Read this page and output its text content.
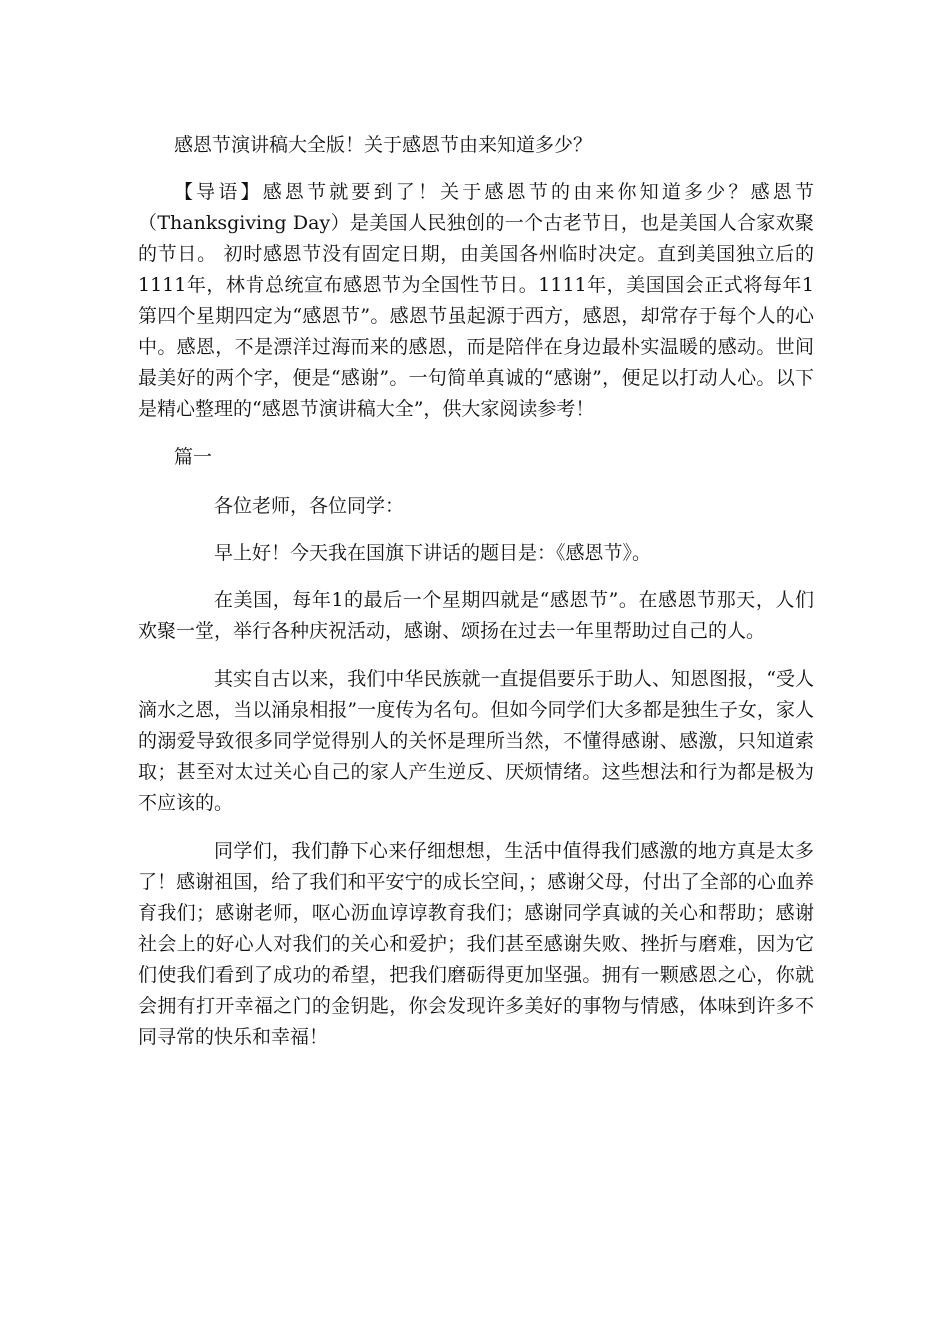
感恩节演讲稿大全版！关于感恩节由来知道多少？

【导语】感恩节就要到了！关于感恩节的由来你知道多少？感恩节（Thanksgiving Day）是美国人民独创的一个古老节日，也是美国人合家欢聚的节日。 初时感恩节没有固定日期，由美国各州临时决定。直到美国独立后的1111年，林肯总统宣布感恩节为全国性节日。1111年，美国国会正式将每年1第四个星期四定为“感恩节”。感恩节虽起源于西方，感恩，却常存于每个人的心中。感恩，不是漂洋过海而来的感恩，而是陪伴在身边最朴实温暖的感动。世间最美好的两个字，便是“感谢”。一句简单真诚的“感谢”，便足以打动人心。以下是精心整理的“感恩节演讲稿大全”，供大家阅读参考！

篇一

各位老师，各位同学：

早上好！今天我在国旗下讲话的题目是：《感恩节》。

在美国，每年1的最后一个星期四就是“感恩节”。在感恩节那天，人们欢聚一堂，举行各种庆祝活动，感谢、颂扬在过去一年里帮助过自己的人。

其实自古以来，我们中华民族就一直提倡要乐于助人、知恩图报，“受人滴水之恩，当以涌泉相报”一度传为名句。但如今同学们大多都是独生子女，家人的溺爱导致很多同学觉得别人的关怀是理所当然，不懂得感谢、感激，只知道索取；甚至对太过关心自己的家人产生逆反、厌烦情绪。这些想法和行为都是极为不应该的。

同学们，我们静下心来仔细想想，生活中值得我们感激的地方真是太多了！感谢祖国，给了我们和平安宁的成长空间，；感谢父母，付出了全部的心血养育我们；感谢老师，呕心沥血谆谆教育我们；感谢同学真诚的关心和帮助；感谢社会上的好心人对我们的关心和爱护；我们甚至感谢失败、挫折与磨难，因为它们使我们看到了成功的希望，把我们磨砺得更加坚强。拥有一颗感恩之心，你就会拥有打开幸福之门的金钥匙，你会发现许多美好的事物与情感，体味到许多不同寻常的快乐和幸福！
